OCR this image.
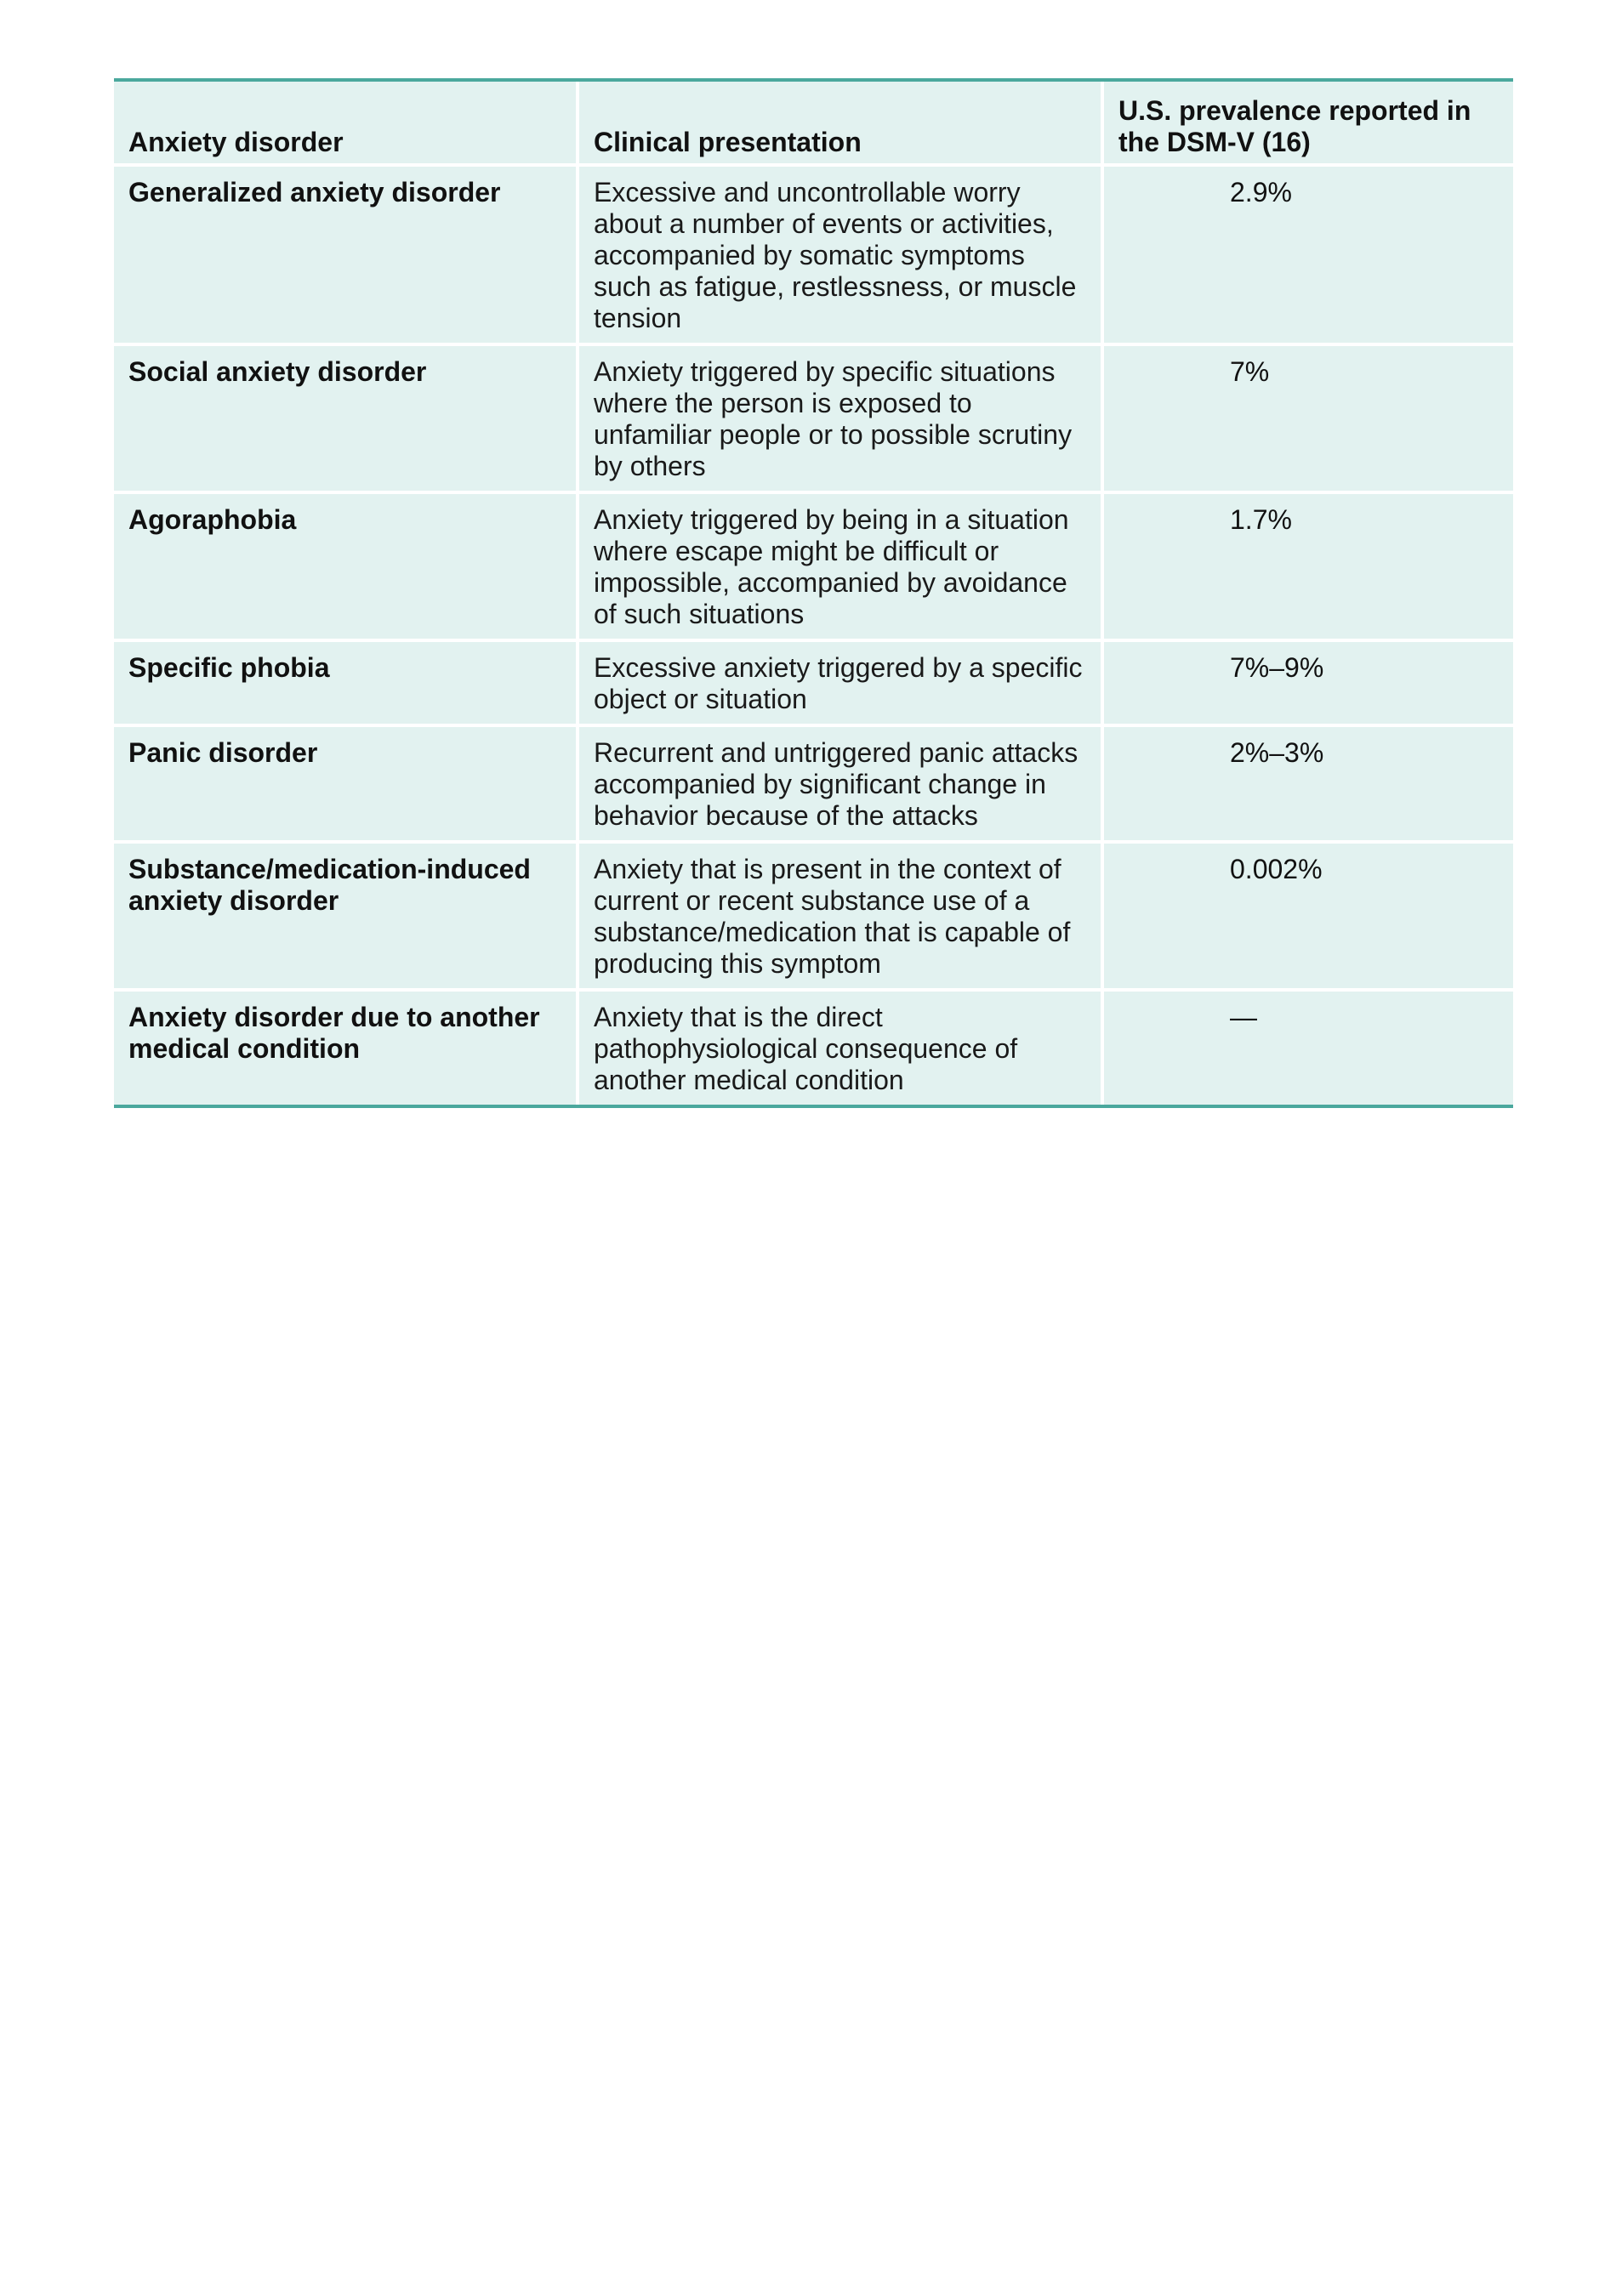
Anxiety disorder	Clinical presentation	U.S. prevalence reported in the DSM-V (16)
Generalized anxiety disorder	Excessive and uncontrollable worry about a number of events or activities, accompanied by somatic symptoms such as fatigue, restlessness, or muscle tension	2.9%
Social anxiety disorder	Anxiety triggered by specific situations where the person is exposed to unfamiliar people or to possible scrutiny by others	7%
Agoraphobia	Anxiety triggered by being in a situation where escape might be difficult or impossible, accompanied by avoidance of such situations	1.7%
Specific phobia	Excessive anxiety triggered by a specific object or situation	7%–9%
Panic disorder	Recurrent and untriggered panic attacks accompanied by significant change in behavior because of the attacks	2%–3%
Substance/medication-induced anxiety disorder	Anxiety that is present in the context of current or recent substance use of a substance/medication that is capable of producing this symptom	0.002%
Anxiety disorder due to another medical condition	Anxiety that is the direct pathophysiological consequence of another medical condition	—
